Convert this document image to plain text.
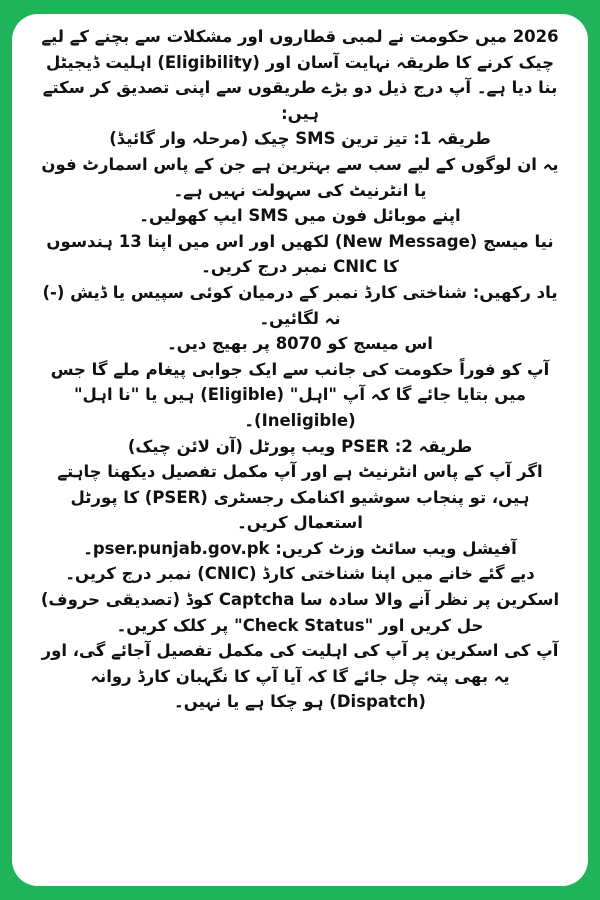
2026 میں حکومت نے لمبی قطاروں اور مشکلات سے بچنے کے لیے چیک کرنے کا طریقہ نہایت آسان اور (Eligibility) اہلیت ڈیجیٹل بنا دیا ہے۔ آپ درج ذیل دو بڑے طریقوں سے اپنی تصدیق کر سکتے ہیں:

طریقہ 1: تیز ترین SMS چیک (مرحلہ وار گائیڈ)

یہ ان لوگوں کے لیے سب سے بہترین ہے جن کے پاس اسمارٹ فون یا انٹرنیٹ کی سہولت نہیں ہے۔

اپنے موبائل فون میں SMS ایپ کھولیں۔

نیا میسج (New Message) لکھیں اور اس میں اپنا 13 ہندسوں کا CNIC نمبر درج کریں۔

یاد رکھیں: شناختی کارڈ نمبر کے درمیان کوئی سپیس یا ڈیش (-) نہ لگائیں۔

اس میسج کو 8070 پر بھیج دیں۔

آپ کو فوراً حکومت کی جانب سے ایک جوابی پیغام ملے گا جس میں بتایا جائے گا کہ آپ "اہل" (Eligible) ہیں یا "نا اہل" (Ineligible)۔

طریقہ 2: PSER ویب پورٹل (آن لائن چیک)

اگر آپ کے پاس انٹرنیٹ ہے اور آپ مکمل تفصیل دیکھنا چاہتے ہیں، تو پنجاب سوشیو اکنامک رجسٹری (PSER) کا پورٹل استعمال کریں۔

آفیشل ویب سائٹ وزٹ کریں: pser.punjab.gov.pk۔

دیے گئے خانے میں اپنا شناختی کارڈ (CNIC) نمبر درج کریں۔

اسکرین پر نظر آنے والا سادہ سا Captcha کوڈ (تصدیقی حروف) حل کریں اور "Check Status" پر کلک کریں۔

آپ کی اسکرین پر آپ کی اہلیت کی مکمل تفصیل آجائے گی، اور یہ بھی پتہ چل جائے گا کہ آیا آپ کا نگہبان کارڈ روانہ (Dispatch) ہو چکا ہے یا نہیں۔
